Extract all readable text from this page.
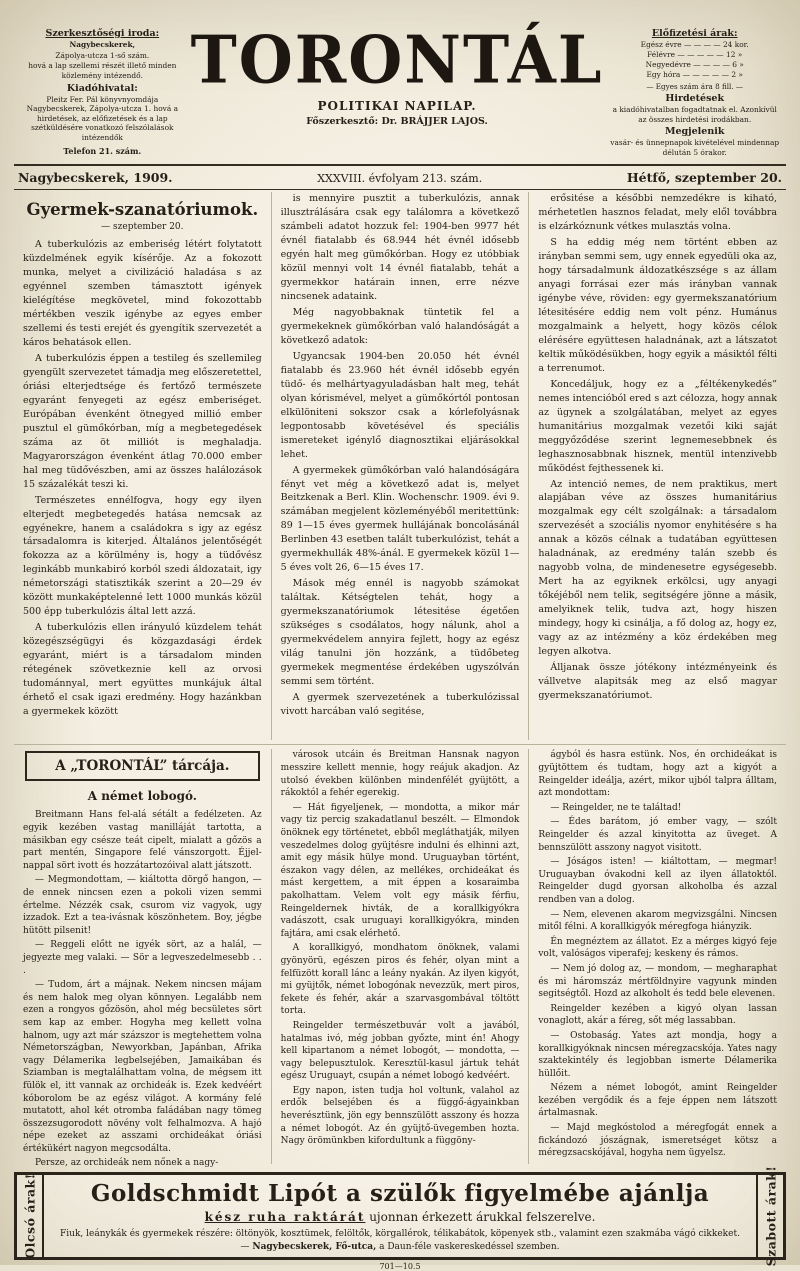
Szerkesztőségi iroda:
Nagybecskerek,
Zápolya-utcza 1-ső szám.
hová a lap szellemi részét illető minden közlemény intézendő.
Kiadóhivatal:
Pleitz Fer. Pál könyvnyomdája Nagybecskerek, Zápolya-utcza 1. hová a hirdetések, az előfizetések és a lap szétküldésére vonatkozó felszólalások intézendők
Telefon 21. szám.
TORONTÁL
POLITIKAI NAPILAP.
Főszerkesztő: Dr. BRÁJJER LAJOS.
Előfizetési árak:

Egész évre — — — — 24 kor.

Félévre — — — — — 12 »

Negyedévre — — — — 6 »

Egy hóra — — — — — 2 »

— Egyes szám ára 8 fill. —
Hirdetések
a kiadóhivatalban fogadtatnak el. Azonkívül az összes hirdetési irodákban.
Megjelenik
vasár- és ünnepnapok kivételével mindennap délután 5 órakor.
Nagybecskerek, 1909.	XXXVIII. évfolyam 213. szám.	Hétfő, szeptember 20.
Gyermek-szanatóriumok.
— szeptember 20.

A tuberkulózis az emberiség létért folytatott küzdelmének egyik kísérője. Az a fokozott munka, melyet a civilizáció haladása s az egyénnel szemben támasztott igények kielégítése megkövetel, mind fokozottabb mértékben veszik igénybe az egyes ember szellemi és testi erejét és gyengítik szervezetét a káros behatások ellen.

A tuberkulózis éppen a testileg és szellemileg gyengült szervezetet támadja meg előszeretettel, óriási elterjedtsége és fertőző természete egyaránt fenyegeti az egész emberiséget. Európában évenként ötnegyed millió ember pusztul el gümőkórban, míg a megbetegedések száma az öt milliót is meghaladja. Magyarországon évenként átlag 70.000 ember hal meg tüdővészben, ami az összes halálozások 15 százalékát teszi ki.

Természetes ennélfogva, hogy egy ilyen elterjedt megbetegedés hatása nemcsak az egyénekre, hanem a családokra s igy az egész társadalomra is kiterjed. Általános jelentőségét fokozza az a körülmény is, hogy a tüdővész leginkább munkabiró korból szedi áldozatait, igy németországi statisztikák szerint a 20—29 év között munkaképtelenné lett 1000 munkás közül 500 épp tuberkulózis által lett azzá.

A tuberkulózis ellen irányuló küzdelem tehát közegészségügyi és közgazdasági érdek egyaránt, miért is a társadalom minden rétegének szövetkeznie kell az orvosi tudománnyal, mert együttes munkájuk által érhető el csak igazi eredmény. Hogy hazánkban a gyermekek között

is mennyire pusztit a tuberkulózis, annak illusztrálására csak egy találomra a következő számbeli adatot hozzuk fel: 1904-ben 9977 hét évnél fiatalabb és 68.944 hét évnél idősebb egyén halt meg gümőkórban. Hogy ez utóbbiak közül mennyi volt 14 évnél fiatalabb, tehát a gyermekkor határain innen, erre nézve nincsenek adataink.

Még nagyobbaknak tüntetik fel a gyermekeknek gümőkórban való halandóságát a következő adatok:

Ugyancsak 1904-ben 20.050 hét évnél fiatalabb és 23.960 hét évnél idősebb egyén tüdő- és melhártyagyuladásban halt meg, tehát olyan kórismével, melyet a gümőkórtól pontosan elkülöniteni sokszor csak a kórlefolyásnak legpontosabb követésével és speciális ismereteket igénylő diagnosztikai eljárásokkal lehet.

A gyermekek gümőkórban való halandóságára fényt vet még a következő adat is, melyet Beitzkenak a Berl. Klin. Wochenschr. 1909. évi 9. számában megjelent közleményéből meritettünk: 89 1—15 éves gyermek hullájának boncolásánál Berlinben 43 esetben talált tuberkulózist, tehát a gyermekhullák 48%-ánál. E gyermekek közül 1—5 éves volt 26, 6—15 éves 17.

Mások még ennél is nagyobb számokat találtak. Kétségtelen tehát, hogy a gyermekszanatóriumok létesitése égetően szükséges s csodálatos, hogy nálunk, ahol a gyermekvédelem annyira fejlett, hogy az egész világ tanulni jön hozzánk, a tüdőbeteg gyermekek megmentése érdekében ugyszólván semmi sem történt.

A gyermek szervezetének a tuberkulózissal vivott harcában való segitése,

erősitése a későbbi nemzedékre is kiható, mérhetetlen hasznos feladat, mely elől továbbra is elzárkóznunk vétkes mulasztás volna.

S ha eddig még nem történt ebben az irányban semmi sem, ugy ennek egyedüli oka az, hogy társadalmunk áldozatkészsége s az állam anyagi forrásai ezer más irányban vannak igénybe véve, röviden: egy gyermekszanatórium létesitésére eddig nem volt pénz. Humánus mozgalmaink a helyett, hogy közös célok elérésére együttesen haladnának, azt a látszatot keltik működésükben, hogy egyik a másiktól félti a terrenumot.

Koncedáljuk, hogy ez a „féltékenykedés” nemes intencióból ered s azt célozza, hogy annak az ügynek a szolgálatában, melyet az egyes humanitárius mozgalmak vezetői kiki saját meggyőződése szerint legnemesebbnek és leghasznosabbnak hisznek, mentül intenzivebb működést fejthessenek ki.

Az intenció nemes, de nem praktikus, mert alapjában véve az összes humanitárius mozgalmak egy célt szolgálnak: a társadalom szervezését a szociális nyomor enyhitésére s ha annak a közös célnak a tudatában együttesen haladnának, az eredmény talán szebb és nagyobb volna, de mindenesetre egységesebb. Mert ha az egyiknek erkölcsi, ugy anyagi tőkéjéből nem telik, segitségére jönne a másik, amelyiknek telik, tudva azt, hogy hiszen mindegy, hogy ki csinálja, a fő dolog az, hogy ez, vagy az az intézmény a köz érdekében meg legyen alkotva.

Álljanak össze jótékony intézményeink és vállvetve alapitsák meg az első magyar gyermekszanatóriumot.

A „TORONTÁL” tárcája.
A német lobogó.

Breitmann Hans fel-alá sétált a fedélzeten. Az egyik kezében vastag manilláját tartotta, a másikban egy csésze teát cipelt, mialatt a gőzös a part mentén, Singapore felé vánszorgott. Éjjel-nappal sört ivott és hozzátartozóival alatt játszott.

— Megmondottam, — kiáltotta dörgő hangon, — de ennek nincsen ezen a pokoli vizen semmi értelme. Nézzék csak, csurom viz vagyok, ugy izzadok. Ezt a tea-ivásnak köszönhetem. Boy, jégbe hütött pilsenit!

— Reggeli előtt ne igyék sört, az a halál, — jegyezte meg valaki. — Sör a legveszedelmesebb . . .

— Tudom, árt a májnak. Nekem nincsen májam és nem halok meg olyan könnyen. Legalább nem ezen a rongyos gőzösön, ahol még becsületes sört sem kap az ember. Hogyha meg kellett volna halnom, ugy azt már százszor is megtehettem volna Németországban, Newyorkban, Japánban, Afrika vagy Délamerika legbelsejében, Jamaikában és Sziamban is megtalálhattam volna, de mégsem itt fülök el, itt vannak az orchideák is. Ezek kedvéért kóborolom be az egész világot. A kormány felé mutatott, ahol két otromba faládában nagy tömeg összezsugorodott növény volt felhalmozva. A hajó népe ezeket az asszami orchideákat óriási értékükért nagyon megcsodálta.

Persze, az orchideák nem nőnek a nagy-

városok utcáin és Breitman Hansnak nagyon messzire kellett mennie, hogy reájuk akadjon. Az utolsó években különben mindenfélét gyüjtött, a rákoktól a fehér egerekig.

— Hát figyeljenek, — mondotta, a mikor már vagy tiz percig szakadatlanul beszélt. — Elmondok önöknek egy történetet, ebből megláthatják, milyen veszedelmes dolog gyüjtésre indulni és elhinni azt, amit egy másik hülye mond. Uruguayban történt, északon vagy délen, az mellékes, orchideákat és mást kergettem, a mit éppen a kosaraimba pakolhattam. Velem volt egy másik férfiu, Reingeldernek hivták, de a korallkigyókra vadászott, csak uruguayi korallkigyókra, minden fajtára, ami csak elérhető.

A korallkigyó, mondhatom önöknek, valami gyönyörü, egészen piros és fehér, olyan mint a felfüzött korall lánc a leány nyakán. Az ilyen kigyót, mi gyüjtők, német lobogónak nevezzük, mert piros, fekete és fehér, akár a szarvasgombával töltött torta.

Reingelder természetbuvár volt a javából, hatalmas ivó, még jobban győzte, mint én! Ahogy kell kipartanom a német lobogót, — mondotta, — vagy belepusztulok. Keresztül-kasul jártuk tehát egész Uruguayt, csupán a német lobogó kedvéért.

Egy napon, isten tudja hol voltunk, valahol az erdők belsejében és a függő-ágyainkban heverésztünk, jön egy bennszülött asszony és hozza a német lobogót. Az én gyüjtő-üvegemben hozta. Nagy örömünkben kifordultunk a függöny-

ágyból és hasra estünk. Nos, én orchideákat is gyüjtöttem és tudtam, hogy azt a kigyót a Reingelder ideálja, azért, mikor ujból talpra álltam, azt mondottam:

— Reingelder, ne te találtad!

— Édes barátom, jó ember vagy, — szólt Reingelder és azzal kinyitotta az üveget. A bennszülött asszony nagyot visitott.

— Jóságos isten! — kiáltottam, — megmar! Uruguayban óvakodni kell az ilyen állatoktól. Reingelder dugd gyorsan alkoholba és azzal rendben van a dolog.

— Nem, elevenen akarom megvizsgálni. Nincsen mitől félni. A korallkigyók méregfoga hiányzik.

Én megnéztem az állatot. Ez a mérges kigyó feje volt, valóságos viperafej; keskeny és rámos.

— Nem jó dolog az, — mondom, — megharaphat és mi háromszáz mértföldnyire vagyunk minden segitségtől. Hozd az alkoholt és tedd bele elevenen.

Reingelder kezében a kigyó olyan lassan vonaglott, akár a féreg, sőt még lassabban.

— Ostobaság. Yates azt mondja, hogy a korallkigyóknak nincsen méregzacskója. Yates nagy szaktekintély és legjobban ismerte Délamerika hüllőit.

Nézem a német lobogót, amint Reingelder kezében vergődik és a feje éppen nem látszott ártalmasnak.

— Majd megkóstolod a méregfogát ennek a fickándozó jószágnak, ismeretséget kötsz a méregzsacskójával, hogyha nem ügyelsz.

Olcsó árak!	Goldschmidt Lipót a szülők figyelmébe ajánlja
kész ruha raktárát ujonnan érkezett árukkal felszerelve.
Fiuk, leánykák és gyermekek részére: öltönyök, kosztümek, felöltők, körgallérok, télikabátok, köpenyek stb., valamint ezen szakmába vágó cikkeket. — Nagybecskerek, Fő-utca, a Daun-féle vaskereskedéssel szemben.	Szabott árak!
701—10.5
